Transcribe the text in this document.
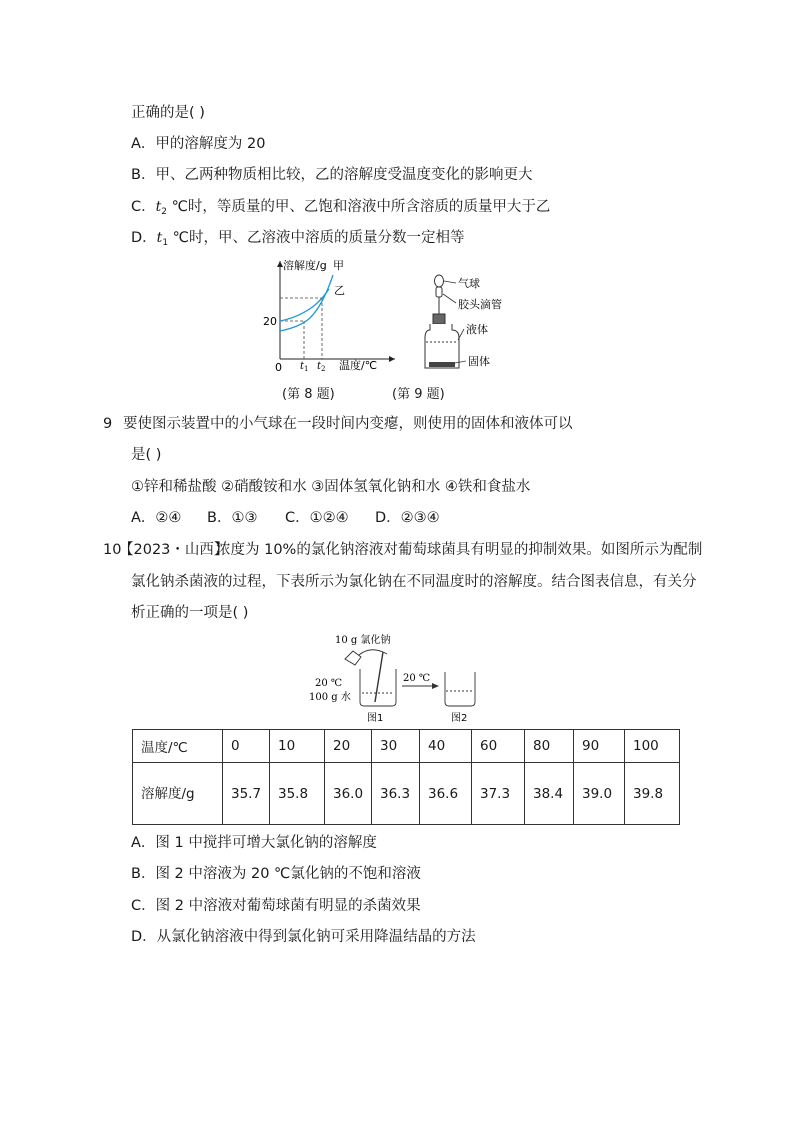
正确的是( )
A．甲的溶解度为 20
B．甲、乙两种物质相比较，乙的溶解度受温度变化的影响更大
C．$t_2$ ℃时，等质量的甲、乙饱和溶液中所含溶质的质量甲大于乙
D．$t_1$ ℃时，甲、乙溶液中溶质的质量分数一定相等
溶解度/g 甲
乙
20
0 $t_1$ $t_2$ 温度/℃
(第 8 题)
气球
胶头滴管
液体
固体
(第 9 题)
9 要使图示装置中的小气球在一段时间内变瘪，则使用的固体和液体可以
是( )
①锌和稀盐酸 ②硝酸铵和水 ③固体氢氧化钠和水 ④铁和食盐水
A．②④ B．①③ C．①②④ D．②③④
10
【2023・山西】
浓度为 10%的氯化钠溶液对葡萄球菌具有明显的抑制效果。如图所示为配制
氯化钠杀菌液的过程，下表所示为氯化钠在不同温度时的溶解度。结合图表信息，有关分
析正确的一项是( )
10 g 氯化钠
20 ℃
100 g 水
20 ℃
图1	图2
温度/℃	0	10	20	30	40	60	80	90	100
溶解度/g	35.7	35.8	36.0	36.3	36.6	37.3	38.4	39.0	39.8
A．图 1 中搅拌可增大氯化钠的溶解度
B．图 2 中溶液为 20 ℃氯化钠的不饱和溶液
C．图 2 中溶液对葡萄球菌有明显的杀菌效果
D．从氯化钠溶液中得到氯化钠可采用降温结晶的方法
